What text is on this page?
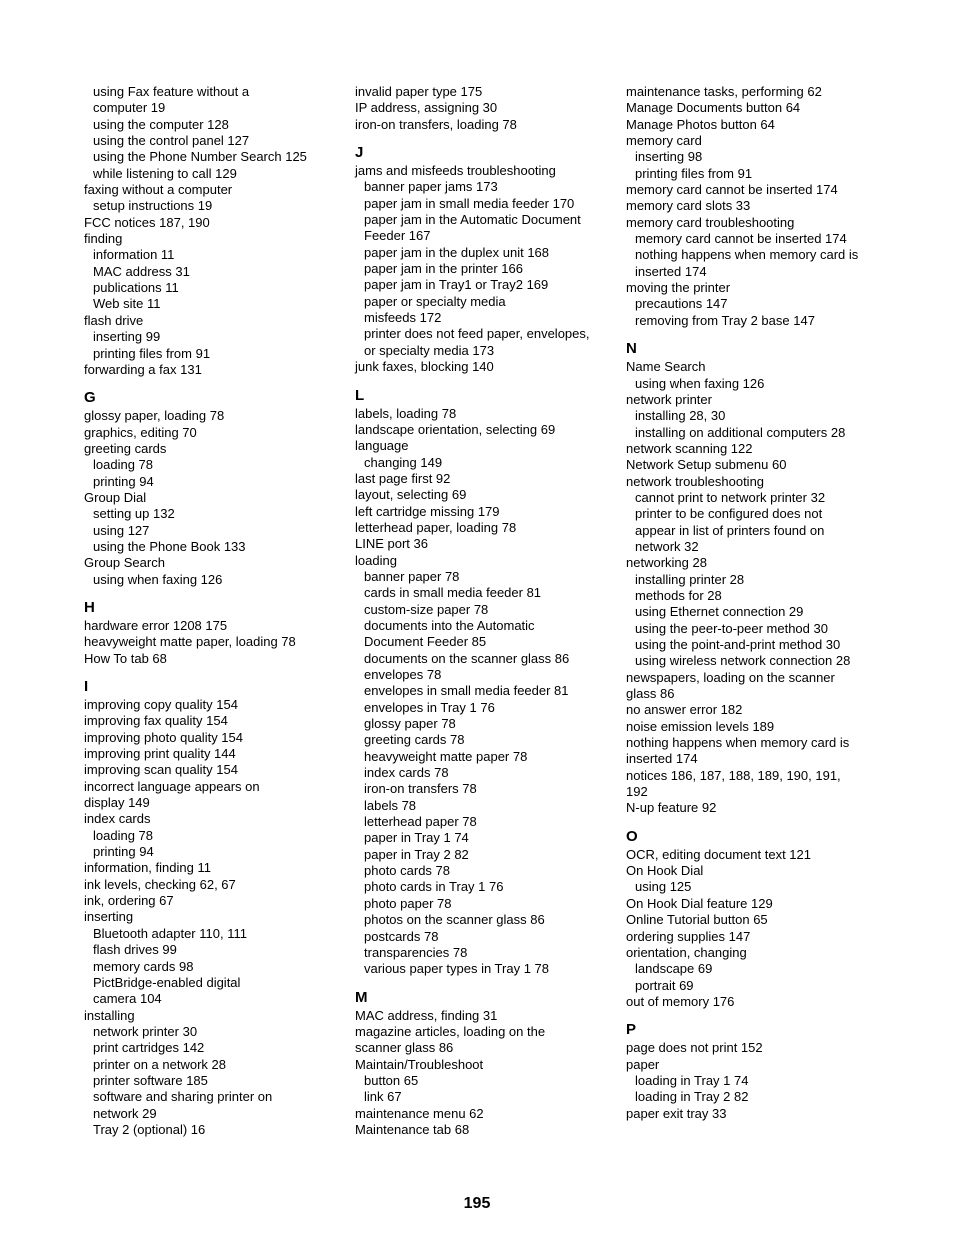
using Fax feature without a
computer 19
using the computer 128
using the control panel 127
using the Phone Number Search 125
while listening to call 129
faxing without a computer
setup instructions 19
FCC notices 187, 190
finding
information 11
MAC address 31
publications 11
Web site 11
flash drive
inserting 99
printing files from 91
forwarding a fax 131
G
glossy paper, loading 78
graphics, editing 70
greeting cards
loading 78
printing 94
Group Dial
setting up 132
using 127
using the Phone Book 133
Group Search
using when faxing 126
H
hardware error 1208 175
heavyweight matte paper, loading 78
How To tab 68
I
improving copy quality 154
improving fax quality 154
improving photo quality 154
improving print quality 144
improving scan quality 154
incorrect language appears on
display 149
index cards
loading 78
printing 94
information, finding 11
ink levels, checking 62, 67
ink, ordering 67
inserting
Bluetooth adapter 110, 111
flash drives 99
memory cards 98
PictBridge-enabled digital
camera 104
installing
network printer 30
print cartridges 142
printer on a network 28
printer software 185
software and sharing printer on
network 29
Tray 2 (optional) 16
invalid paper type 175
IP address, assigning 30
iron-on transfers, loading 78
J
jams and misfeeds troubleshooting
banner paper jams 173
paper jam in small media feeder 170
paper jam in the Automatic Document
Feeder 167
paper jam in the duplex unit 168
paper jam in the printer 166
paper jam in Tray1 or Tray2 169
paper or specialty media
misfeeds 172
printer does not feed paper, envelopes,
or specialty media 173
junk faxes, blocking 140
L
labels, loading 78
landscape orientation, selecting 69
language
changing 149
last page first 92
layout, selecting 69
left cartridge missing 179
letterhead paper, loading 78
LINE port 36
loading
banner paper 78
cards in small media feeder 81
custom-size paper 78
documents into the Automatic
Document Feeder 85
documents on the scanner glass 86
envelopes 78
envelopes in small media feeder 81
envelopes in Tray 1 76
glossy paper 78
greeting cards 78
heavyweight matte paper 78
index cards 78
iron-on transfers 78
labels 78
letterhead paper 78
paper in Tray 1 74
paper in Tray 2 82
photo cards 78
photo cards in Tray 1 76
photo paper 78
photos on the scanner glass 86
postcards 78
transparencies 78
various paper types in Tray 1 78
M
MAC address, finding 31
magazine articles, loading on the
scanner glass 86
Maintain/Troubleshoot
button 65
link 67
maintenance menu 62
Maintenance tab 68
maintenance tasks, performing 62
Manage Documents button 64
Manage Photos button 64
memory card
inserting 98
printing files from 91
memory card cannot be inserted 174
memory card slots 33
memory card troubleshooting
memory card cannot be inserted 174
nothing happens when memory card is
inserted 174
moving the printer
precautions 147
removing from Tray 2 base 147
N
Name Search
using when faxing 126
network printer
installing 28, 30
installing on additional computers 28
network scanning 122
Network Setup submenu 60
network troubleshooting
cannot print to network printer 32
printer to be configured does not
appear in list of printers found on
network 32
networking 28
installing printer 28
methods for 28
using Ethernet connection 29
using the peer-to-peer method 30
using the point-and-print method 30
using wireless network connection 28
newspapers, loading on the scanner
glass 86
no answer error 182
noise emission levels 189
nothing happens when memory card is
inserted 174
notices 186, 187, 188, 189, 190, 191,
192
N-up feature 92
O
OCR, editing document text 121
On Hook Dial
using 125
On Hook Dial feature 129
Online Tutorial button 65
ordering supplies 147
orientation, changing
landscape 69
portrait 69
out of memory 176
P
page does not print 152
paper
loading in Tray 1 74
loading in Tray 2 82
paper exit tray 33
195
